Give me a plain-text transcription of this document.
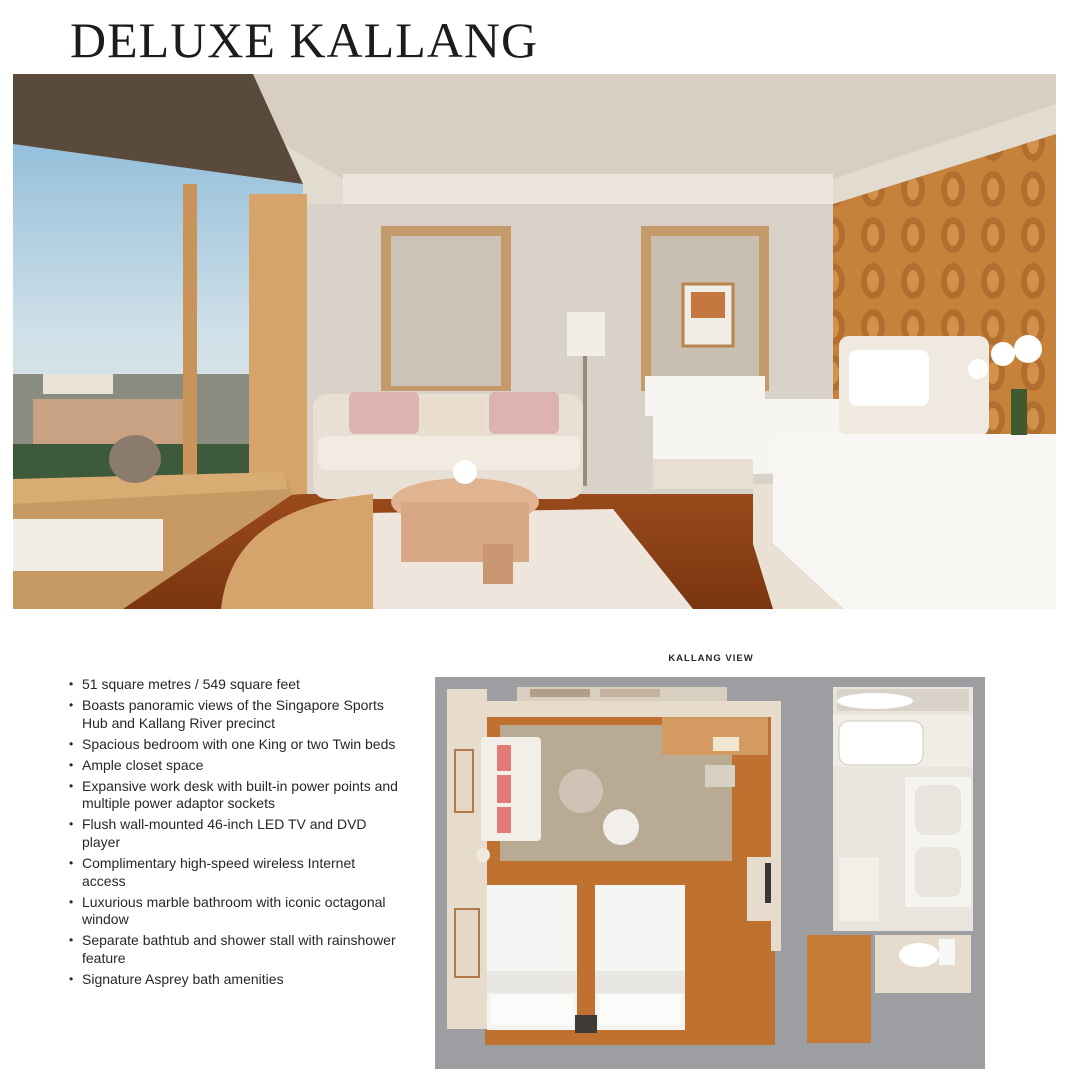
DELUXE KALLANG
• 51 square metres / 549 square feet
• Boasts panoramic views of the Singapore Sports Hub and Kallang River precinct
• Spacious bedroom with one King or two Twin beds
• Ample closet space
• Expansive work desk with built-in power points and multiple power adaptor sockets
• Flush wall-mounted 46-inch LED TV and DVD player
• Complimentary high-speed wireless Internet access
• Luxurious marble bathroom with iconic octagonal window
• Separate bathtub and shower stall with rainshower feature
• Signature Asprey bath amenities
KALLANG VIEW
